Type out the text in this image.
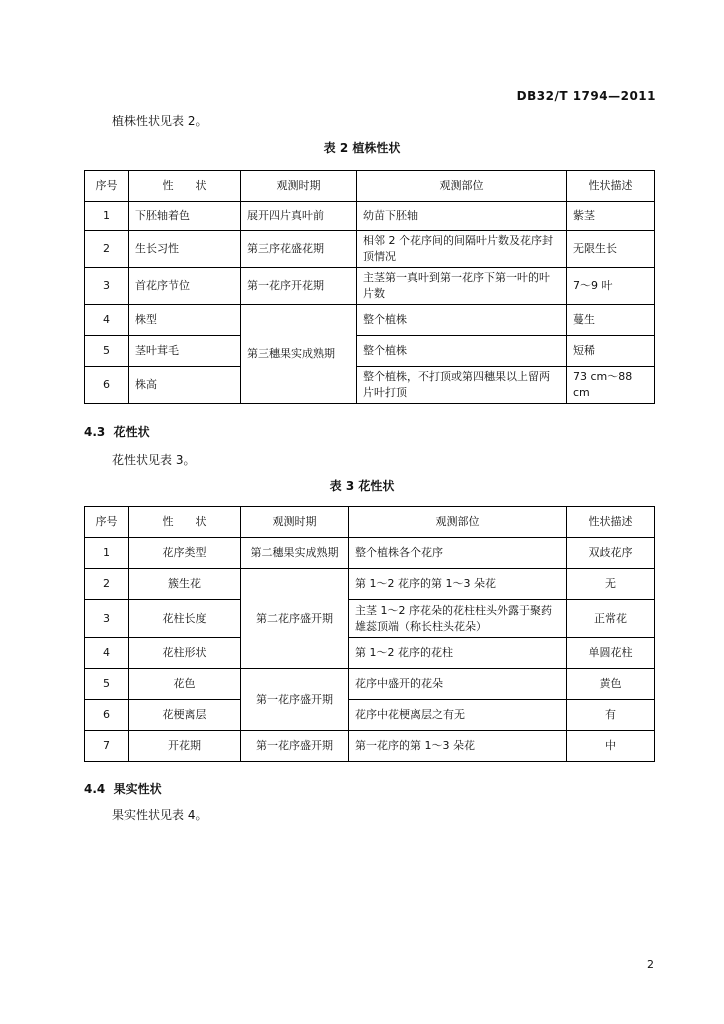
DB32/T 1794—2011
植株性状见表 2。
表 2 植株性状
序号	性　　状	观测时期	观测部位	性状描述
1	下胚轴着色	展开四片真叶前	幼苗下胚轴	紫茎
2	生长习性	第三序花盛花期	相邻 2 个花序间的间隔叶片数及花序封顶情况	无限生长
3	首花序节位	第一花序开花期	主茎第一真叶到第一花序下第一叶的叶片数	7～9 叶
4	株型	第三穗果实成熟期	整个植株	蔓生
5	茎叶茸毛		整个植株	短稀
6	株高		整个植株，不打顶或第四穗果以上留两片叶打顶	73 cm～88 cm
4.3 花性状
花性状见表 3。
表 3 花性状
序号	性　　状	观测时期	观测部位	性状描述
1	花序类型	第二穗果实成熟期	整个植株各个花序	双歧花序
2	簇生花	第二花序盛开期	第 1～2 花序的第 1～3 朵花	无
3	花柱长度		主茎 1～2 序花朵的花柱柱头外露于聚药雄蕊顶端（称长柱头花朵）	正常花
4	花柱形状		第 1～2 花序的花柱	单圆花柱
5	花色	第一花序盛开期	花序中盛开的花朵	黄色
6	花梗离层		花序中花梗离层之有无	有
7	开花期	第一花序盛开期	第一花序的第 1～3 朵花	中
4.4 果实性状
果实性状见表 4。
2
